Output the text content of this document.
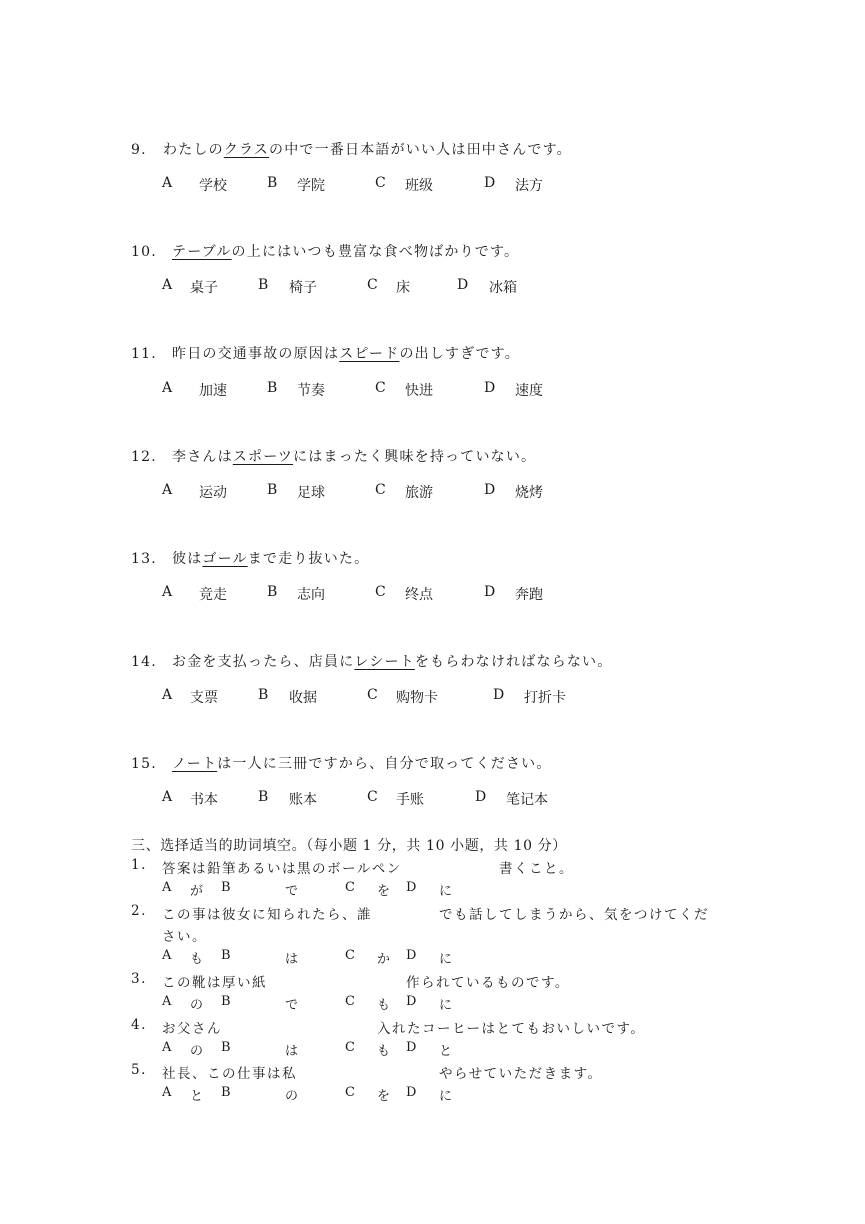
9. わたしのクラスの中で一番日本語がいい人は田中さんです。
A 学校	B 学院	C 班级	D 法方
10. テーブルの上にはいつも豊富な食べ物ばかりです。
A 桌子	B 椅子	C 床	D 冰箱
11. 昨日の交通事故の原因はスピードの出しすぎです。
A 加速	B 节奏	C 快进	D 速度
12. 李さんはスポーツにはまったく興味を持っていない。
A 运动	B 足球	C 旅游	D 烧烤
13. 彼はゴールまで走り抜いた。
A 竞走	B 志向	C 终点	D 奔跑
14. お金を支払ったら、店員にレシートをもらわなければならない。
A 支票	B 收据	C 购物卡	D 打折卡
15. ノートは一人に三冊ですから、自分で取ってください。
A 书本	B 账本	C 手账	D 笔记本
三、选择适当的助词填空。（每小题 1 分，共 10 小题，共 10 分）
1. 答案は鉛筆あるいは黒のボールペン	書くこと。
A が B	で	C を D に
2. この事は彼女に知られたら、誰	でも話してしまうから、気をつけてくだ
さい。
A も B	は	C か D に
3. この靴は厚い紙	作られているものです。
A の B	で	C も D に
4. お父さん	入れたコーヒーはとてもおいしいです。
A の B	は	C も D と
5. 社長、この仕事は私	やらせていただきます。
A と B	の	C を D に
